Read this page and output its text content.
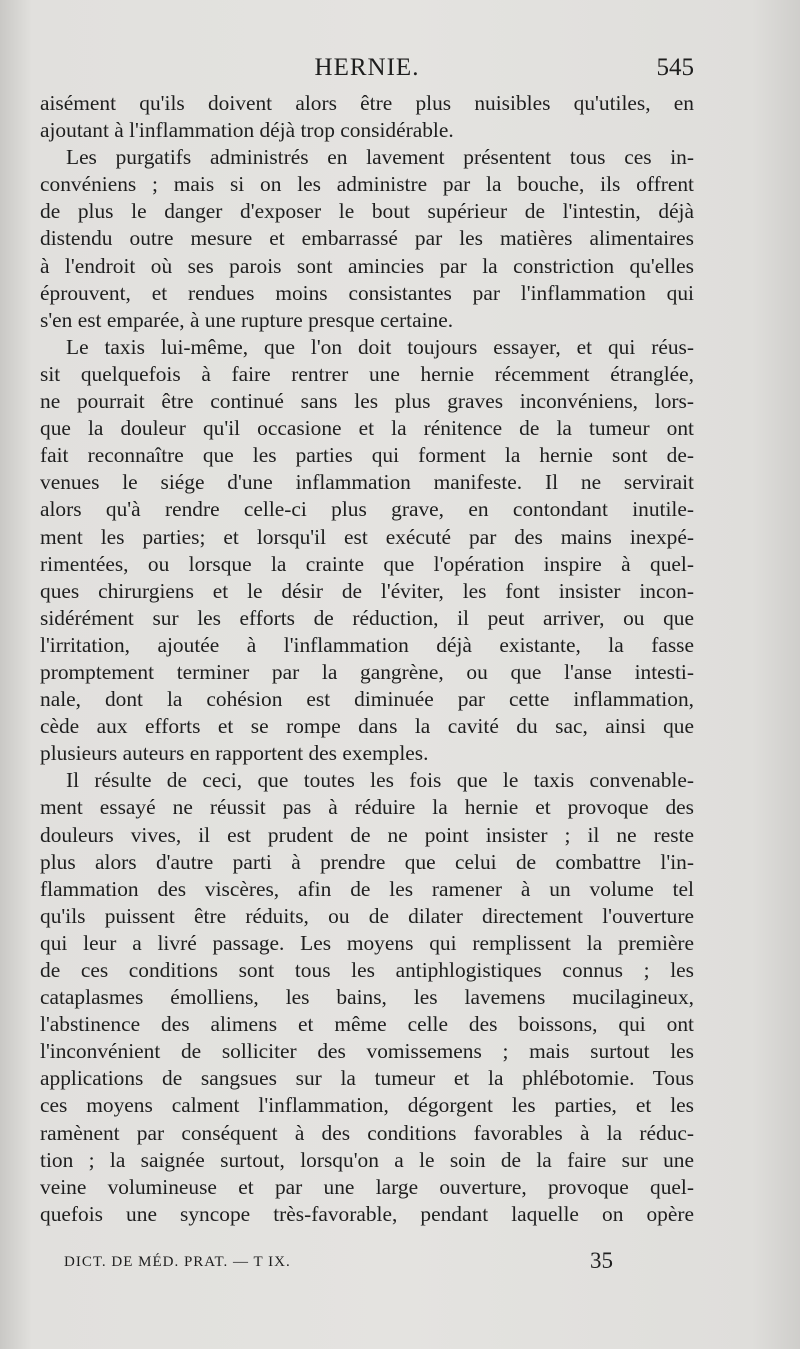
HERNIE.	545
aisément qu'ils doivent alors être plus nuisibles qu'utiles, en
ajoutant à l'inflammation déjà trop considérable.
Les purgatifs administrés en lavement présentent tous ces in-
convéniens ; mais si on les administre par la bouche, ils offrent
de plus le danger d'exposer le bout supérieur de l'intestin, déjà
distendu outre mesure et embarrassé par les matières alimentaires
à l'endroit où ses parois sont amincies par la constriction qu'elles
éprouvent, et rendues moins consistantes par l'inflammation qui
s'en est emparée, à une rupture presque certaine.
Le taxis lui-même, que l'on doit toujours essayer, et qui réus-
sit quelquefois à faire rentrer une hernie récemment étranglée,
ne pourrait être continué sans les plus graves inconvéniens, lors-
que la douleur qu'il occasione et la rénitence de la tumeur ont
fait reconnaître que les parties qui forment la hernie sont de-
venues le siége d'une inflammation manifeste. Il ne servirait
alors qu'à rendre celle-ci plus grave, en contondant inutile-
ment les parties; et lorsqu'il est exécuté par des mains inexpé-
rimentées, ou lorsque la crainte que l'opération inspire à quel-
ques chirurgiens et le désir de l'éviter, les font insister incon-
sidérément sur les efforts de réduction, il peut arriver, ou que
l'irritation, ajoutée à l'inflammation déjà existante, la fasse
promptement terminer par la gangrène, ou que l'anse intesti-
nale, dont la cohésion est diminuée par cette inflammation,
cède aux efforts et se rompe dans la cavité du sac, ainsi que
plusieurs auteurs en rapportent des exemples.
Il résulte de ceci, que toutes les fois que le taxis convenable-
ment essayé ne réussit pas à réduire la hernie et provoque des
douleurs vives, il est prudent de ne point insister ; il ne reste
plus alors d'autre parti à prendre que celui de combattre l'in-
flammation des viscères, afin de les ramener à un volume tel
qu'ils puissent être réduits, ou de dilater directement l'ouverture
qui leur a livré passage. Les moyens qui remplissent la première
de ces conditions sont tous les antiphlogistiques connus ; les
cataplasmes émolliens, les bains, les lavemens mucilagineux,
l'abstinence des alimens et même celle des boissons, qui ont
l'inconvénient de solliciter des vomissemens ; mais surtout les
applications de sangsues sur la tumeur et la phlébotomie. Tous
ces moyens calment l'inflammation, dégorgent les parties, et les
ramènent par conséquent à des conditions favorables à la réduc-
tion ; la saignée surtout, lorsqu'on a le soin de la faire sur une
veine volumineuse et par une large ouverture, provoque quel-
quefois une syncope très-favorable, pendant laquelle on opère
DICT. DE MÉD. PRAT. — T IX.	35
